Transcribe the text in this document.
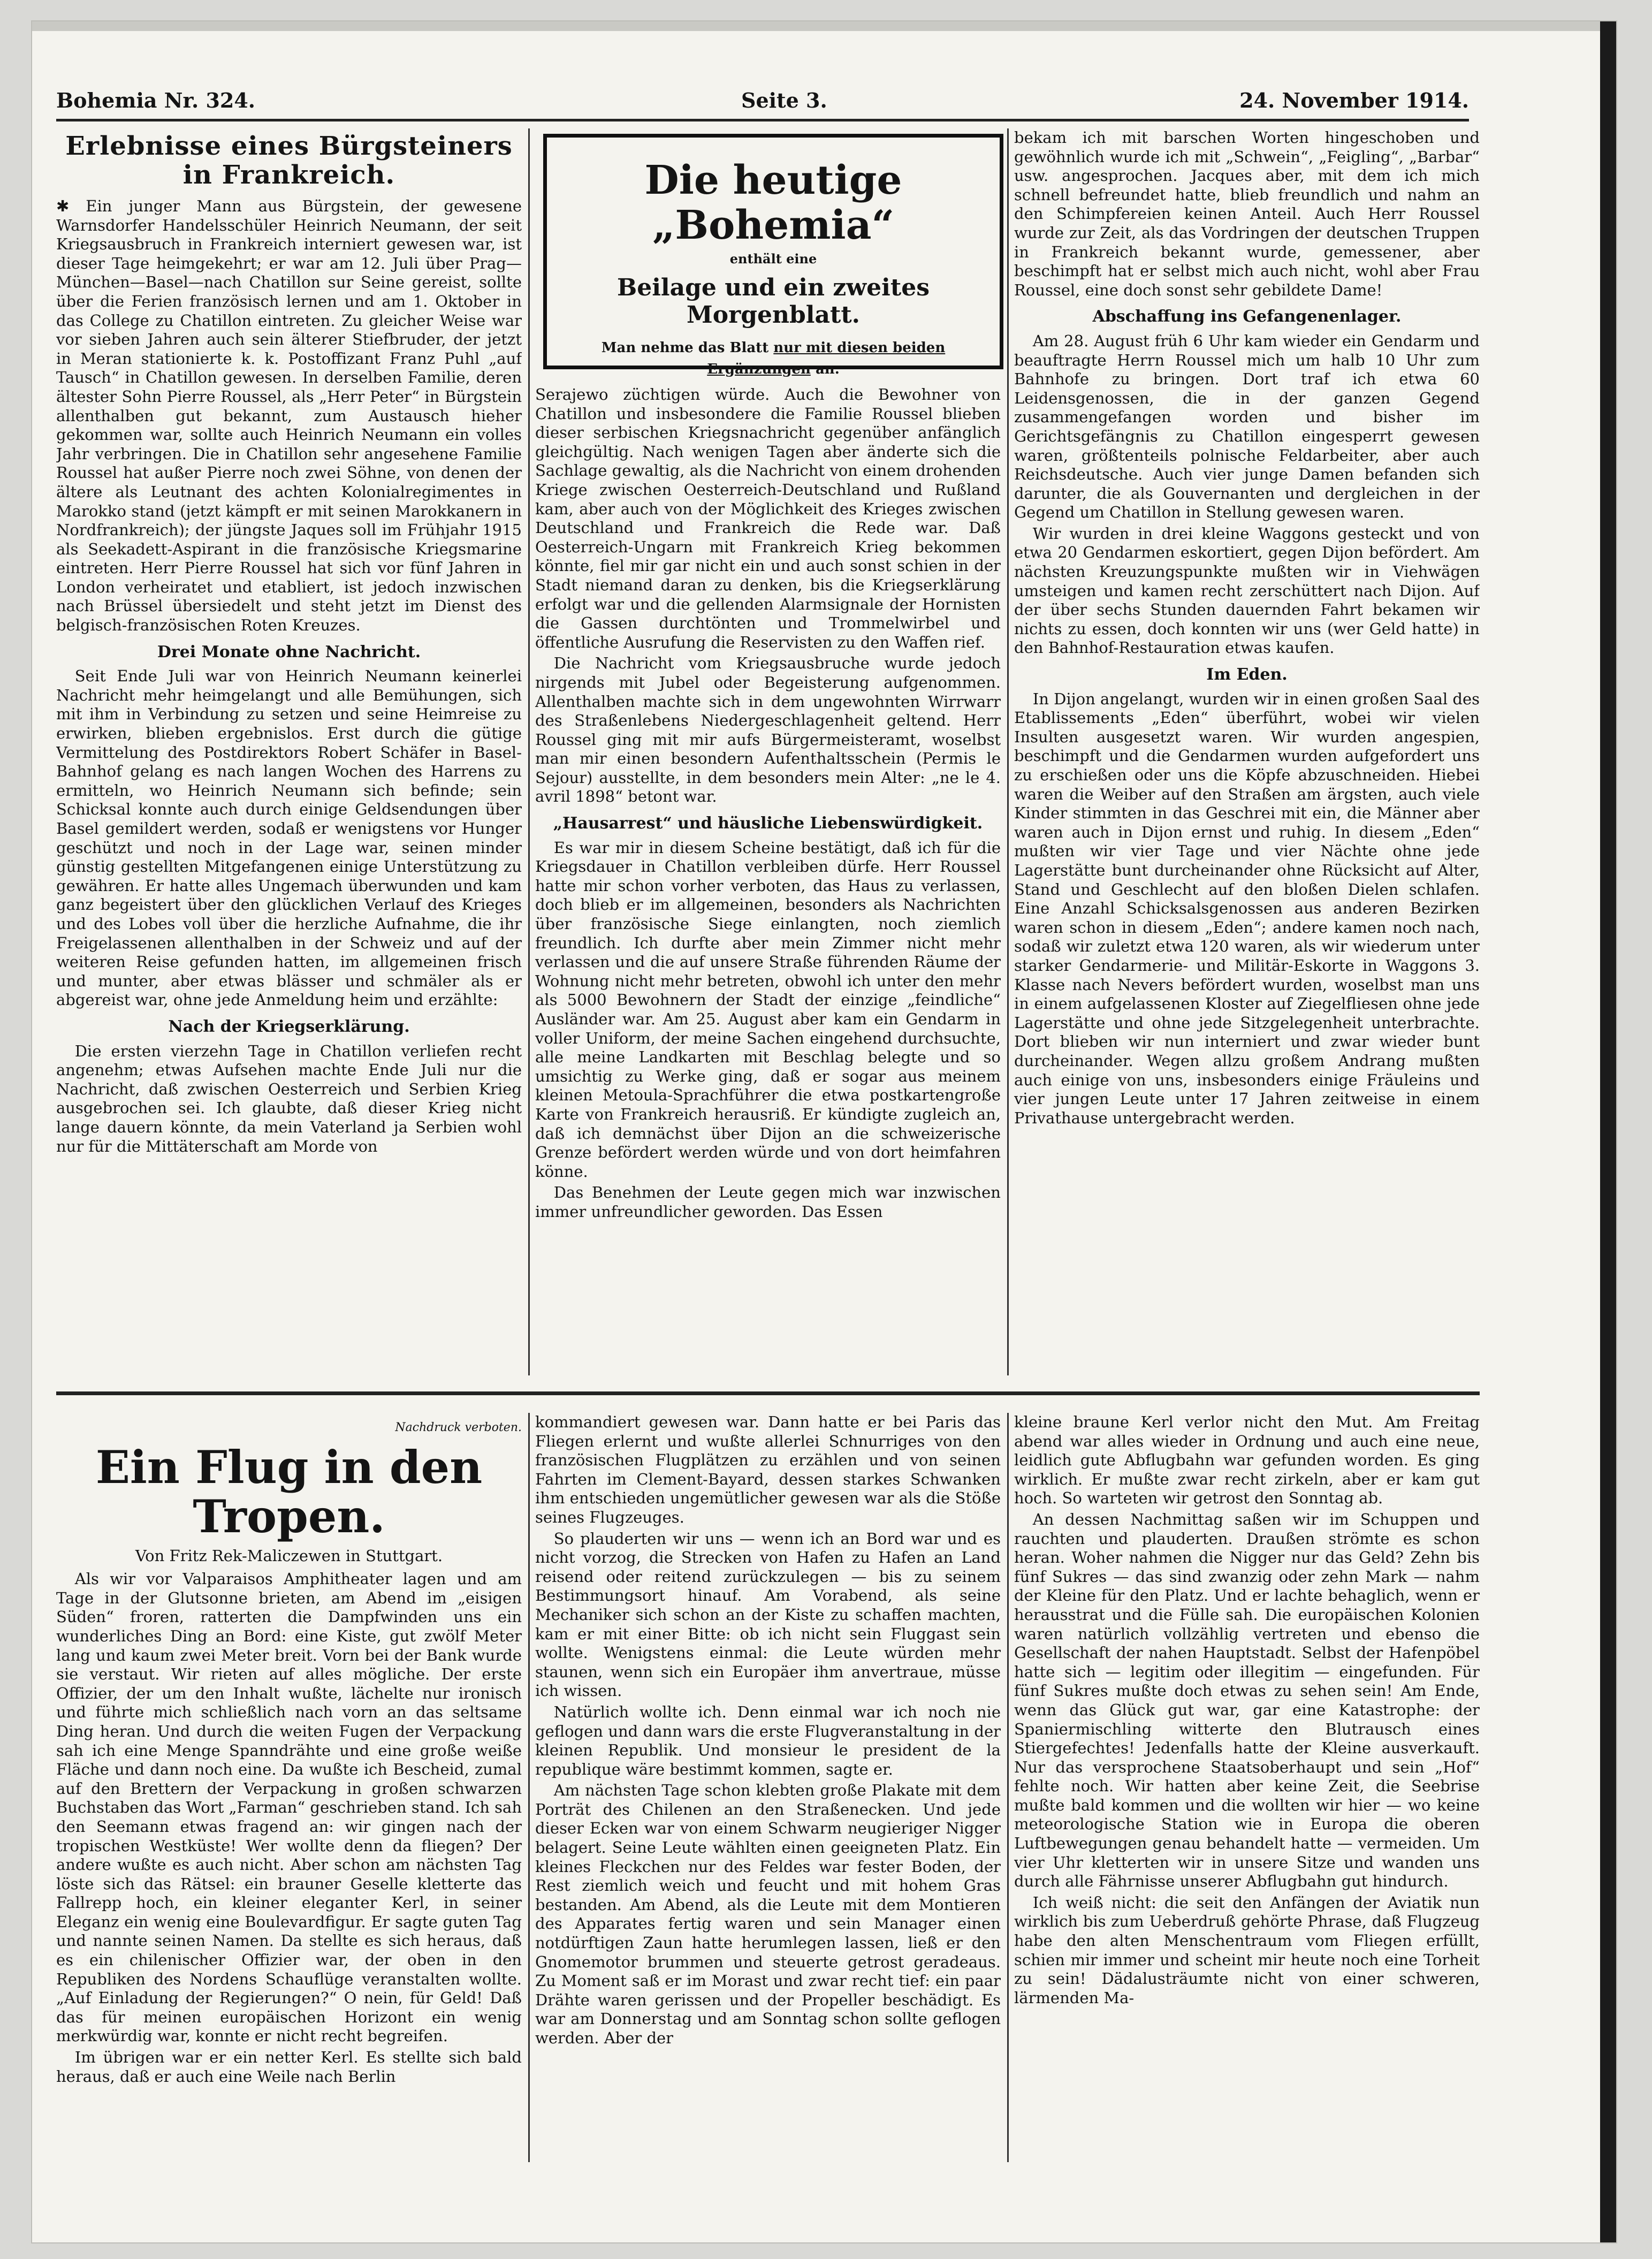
Bohemia Nr. 324.	Seite 3.	24. November 1914.
Die heutige „Bohemia“
enthält eine
Beilage und ein zweites Morgenblatt.
Man nehme das Blatt nur mit diesen beiden Ergänzungen an.
Erlebnisse eines Bürgsteiners in Frankreich.

✱ Ein junger Mann aus Bürgstein, der gewesene Warnsdorfer Handelsschüler Heinrich Neumann, der seit Kriegsausbruch in Frankreich interniert gewesen war, ist dieser Tage heimgekehrt; er war am 12. Juli über Prag—München—Basel—nach Chatillon sur Seine gereist, sollte über die Ferien französisch lernen und am 1. Oktober in das College zu Chatillon eintreten. Zu gleicher Weise war vor sieben Jahren auch sein älterer Stiefbruder, der jetzt in Meran stationierte k. k. Postoffizant Franz Puhl „auf Tausch“ in Chatillon gewesen. In derselben Familie, deren ältester Sohn Pierre Roussel, als „Herr Peter“ in Bürgstein allenthalben gut bekannt, zum Austausch hieher gekommen war, sollte auch Heinrich Neumann ein volles Jahr verbringen. Die in Chatillon sehr angesehene Familie Roussel hat außer Pierre noch zwei Söhne, von denen der ältere als Leutnant des achten Kolonialregimentes in Marokko stand (jetzt kämpft er mit seinen Marokkanern in Nordfrankreich); der jüngste Jaques soll im Frühjahr 1915 als Seekadett-Aspirant in die französische Kriegsmarine eintreten. Herr Pierre Roussel hat sich vor fünf Jahren in London verheiratet und etabliert, ist jedoch inzwischen nach Brüssel übersiedelt und steht jetzt im Dienst des belgisch-französischen Roten Kreuzes.

Drei Monate ohne Nachricht.

Seit Ende Juli war von Heinrich Neumann keinerlei Nachricht mehr heimgelangt und alle Bemühungen, sich mit ihm in Verbindung zu setzen und seine Heimreise zu erwirken, blieben ergebnislos. Erst durch die gütige Vermittelung des Postdirektors Robert Schäfer in Basel-Bahnhof gelang es nach langen Wochen des Harrens zu ermitteln, wo Heinrich Neumann sich befinde; sein Schicksal konnte auch durch einige Geldsendungen über Basel gemildert werden, sodaß er wenigstens vor Hunger geschützt und noch in der Lage war, seinen minder günstig gestellten Mitgefangenen einige Unterstützung zu gewähren. Er hatte alles Ungemach überwunden und kam ganz begeistert über den glücklichen Verlauf des Krieges und des Lobes voll über die herzliche Aufnahme, die ihr Freigelassenen allenthalben in der Schweiz und auf der weiteren Reise gefunden hatten, im allgemeinen frisch und munter, aber etwas blässer und schmäler als er abgereist war, ohne jede Anmeldung heim und erzählte:

Nach der Kriegserklärung.

Die ersten vierzehn Tage in Chatillon verliefen recht angenehm; etwas Aufsehen machte Ende Juli nur die Nachricht, daß zwischen Oesterreich und Serbien Krieg ausgebrochen sei. Ich glaubte, daß dieser Krieg nicht lange dauern könnte, da mein Vaterland ja Serbien wohl nur für die Mittäterschaft am Morde von

Serajewo züchtigen würde. Auch die Bewohner von Chatillon und insbesondere die Familie Roussel blieben dieser serbischen Kriegsnachricht gegenüber anfänglich gleichgültig. Nach wenigen Tagen aber änderte sich die Sachlage gewaltig, als die Nachricht von einem drohenden Kriege zwischen Oesterreich-Deutschland und Rußland kam, aber auch von der Möglichkeit des Krieges zwischen Deutschland und Frankreich die Rede war. Daß Oesterreich-Ungarn mit Frankreich Krieg bekommen könnte, fiel mir gar nicht ein und auch sonst schien in der Stadt niemand daran zu denken, bis die Kriegserklärung erfolgt war und die gellenden Alarmsignale der Hornisten die Gassen durchtönten und Trommelwirbel und öffentliche Ausrufung die Reservisten zu den Waffen rief.

Die Nachricht vom Kriegsausbruche wurde jedoch nirgends mit Jubel oder Begeisterung aufgenommen. Allenthalben machte sich in dem ungewohnten Wirrwarr des Straßenlebens Niedergeschlagenheit geltend. Herr Roussel ging mit mir aufs Bürgermeisteramt, woselbst man mir einen besondern Aufenthaltsschein (Permis le Sejour) ausstellte, in dem besonders mein Alter: „ne le 4. avril 1898“ betont war.

„Hausarrest“ und häusliche Liebenswürdigkeit.

Es war mir in diesem Scheine bestätigt, daß ich für die Kriegsdauer in Chatillon verbleiben dürfe. Herr Roussel hatte mir schon vorher verboten, das Haus zu verlassen, doch blieb er im allgemeinen, besonders als Nachrichten über französische Siege einlangten, noch ziemlich freundlich. Ich durfte aber mein Zimmer nicht mehr verlassen und die auf unsere Straße führenden Räume der Wohnung nicht mehr betreten, obwohl ich unter den mehr als 5000 Bewohnern der Stadt der einzige „feindliche“ Ausländer war. Am 25. August aber kam ein Gendarm in voller Uniform, der meine Sachen eingehend durchsuchte, alle meine Landkarten mit Beschlag belegte und so umsichtig zu Werke ging, daß er sogar aus meinem kleinen Metoula-Sprachführer die etwa postkartengroße Karte von Frankreich herausriß. Er kündigte zugleich an, daß ich demnächst über Dijon an die schweizerische Grenze befördert werden würde und von dort heimfahren könne.

Das Benehmen der Leute gegen mich war inzwischen immer unfreundlicher geworden. Das Essen

bekam ich mit barschen Worten hingeschoben und gewöhnlich wurde ich mit „Schwein“, „Feigling“, „Barbar“ usw. angesprochen. Jacques aber, mit dem ich mich schnell befreundet hatte, blieb freundlich und nahm an den Schimpfereien keinen Anteil. Auch Herr Roussel wurde zur Zeit, als das Vordringen der deutschen Truppen in Frankreich bekannt wurde, gemessener, aber beschimpft hat er selbst mich auch nicht, wohl aber Frau Roussel, eine doch sonst sehr gebildete Dame!

Abschaffung ins Gefangenenlager.

Am 28. August früh 6 Uhr kam wieder ein Gendarm und beauftragte Herrn Roussel mich um halb 10 Uhr zum Bahnhofe zu bringen. Dort traf ich etwa 60 Leidensgenossen, die in der ganzen Gegend zusammengefangen worden und bisher im Gerichtsgefängnis zu Chatillon eingesperrt gewesen waren, größtenteils polnische Feldarbeiter, aber auch Reichsdeutsche. Auch vier junge Damen befanden sich darunter, die als Gouvernanten und dergleichen in der Gegend um Chatillon in Stellung gewesen waren.

Wir wurden in drei kleine Waggons gesteckt und von etwa 20 Gendarmen eskortiert, gegen Dijon befördert. Am nächsten Kreuzungspunkte mußten wir in Viehwägen umsteigen und kamen recht zerschüttert nach Dijon. Auf der über sechs Stunden dauernden Fahrt bekamen wir nichts zu essen, doch konnten wir uns (wer Geld hatte) in den Bahnhof-Restauration etwas kaufen.

Im Eden.

In Dijon angelangt, wurden wir in einen großen Saal des Etablissements „Eden“ überführt, wobei wir vielen Insulten ausgesetzt waren. Wir wurden angespien, beschimpft und die Gendarmen wurden aufgefordert uns zu erschießen oder uns die Köpfe abzuschneiden. Hiebei waren die Weiber auf den Straßen am ärgsten, auch viele Kinder stimmten in das Geschrei mit ein, die Männer aber waren auch in Dijon ernst und ruhig. In diesem „Eden“ mußten wir vier Tage und vier Nächte ohne jede Lagerstätte bunt durcheinander ohne Rücksicht auf Alter, Stand und Geschlecht auf den bloßen Dielen schlafen. Eine Anzahl Schicksalsgenossen aus anderen Bezirken waren schon in diesem „Eden“; andere kamen noch nach, sodaß wir zuletzt etwa 120 waren, als wir wiederum unter starker Gendarmerie- und Militär-Eskorte in Waggons 3. Klasse nach Nevers befördert wurden, woselbst man uns in einem aufgelassenen Kloster auf Ziegelfliesen ohne jede Lagerstätte und ohne jede Sitzgelegenheit unterbrachte. Dort blieben wir nun interniert und zwar wieder bunt durcheinander. Wegen allzu großem Andrang mußten auch einige von uns, insbesonders einige Fräuleins und vier jungen Leute unter 17 Jahren zeitweise in einem Privathause untergebracht werden.

Nachdruck verboten.
Ein Flug in den Tropen.
Von Fritz Rek-Maliczewen in Stuttgart.

Als wir vor Valparaisos Amphitheater lagen und am Tage in der Glutsonne brieten, am Abend im „eisigen Süden“ froren, ratterten die Dampfwinden uns ein wunderliches Ding an Bord: eine Kiste, gut zwölf Meter lang und kaum zwei Meter breit. Vorn bei der Bank wurde sie verstaut. Wir rieten auf alles mögliche. Der erste Offizier, der um den Inhalt wußte, lächelte nur ironisch und führte mich schließlich nach vorn an das seltsame Ding heran. Und durch die weiten Fugen der Verpackung sah ich eine Menge Spanndrähte und eine große weiße Fläche und dann noch eine. Da wußte ich Bescheid, zumal auf den Brettern der Verpackung in großen schwarzen Buchstaben das Wort „Farman“ geschrieben stand. Ich sah den Seemann etwas fragend an: wir gingen nach der tropischen Westküste! Wer wollte denn da fliegen? Der andere wußte es auch nicht. Aber schon am nächsten Tag löste sich das Rätsel: ein brauner Geselle kletterte das Fallrepp hoch, ein kleiner eleganter Kerl, in seiner Eleganz ein wenig eine Boulevardfigur. Er sagte guten Tag und nannte seinen Namen. Da stellte es sich heraus, daß es ein chilenischer Offizier war, der oben in den Republiken des Nordens Schauflüge veranstalten wollte. „Auf Einladung der Regierungen?“ O nein, für Geld! Daß das für meinen europäischen Horizont ein wenig merkwürdig war, konnte er nicht recht begreifen.

Im übrigen war er ein netter Kerl. Es stellte sich bald heraus, daß er auch eine Weile nach Berlin

kommandiert gewesen war. Dann hatte er bei Paris das Fliegen erlernt und wußte allerlei Schnurriges von den französischen Flugplätzen zu erzählen und von seinen Fahrten im Clement-Bayard, dessen starkes Schwanken ihm entschieden ungemütlicher gewesen war als die Stöße seines Flugzeuges.

So plauderten wir uns — wenn ich an Bord war und es nicht vorzog, die Strecken von Hafen zu Hafen an Land reisend oder reitend zurückzulegen — bis zu seinem Bestimmungsort hinauf. Am Vorabend, als seine Mechaniker sich schon an der Kiste zu schaffen machten, kam er mit einer Bitte: ob ich nicht sein Fluggast sein wollte. Wenigstens einmal: die Leute würden mehr staunen, wenn sich ein Europäer ihm anvertraue, müsse ich wissen.

Natürlich wollte ich. Denn einmal war ich noch nie geflogen und dann wars die erste Flugveranstaltung in der kleinen Republik. Und monsieur le president de la republique wäre bestimmt kommen, sagte er.

Am nächsten Tage schon klebten große Plakate mit dem Porträt des Chilenen an den Straßenecken. Und jede dieser Ecken war von einem Schwarm neugieriger Nigger belagert. Seine Leute wählten einen geeigneten Platz. Ein kleines Fleckchen nur des Feldes war fester Boden, der Rest ziemlich weich und feucht und mit hohem Gras bestanden. Am Abend, als die Leute mit dem Montieren des Apparates fertig waren und sein Manager einen notdürftigen Zaun hatte herumlegen lassen, ließ er den Gnomemotor brummen und steuerte getrost geradeaus. Zu Moment saß er im Morast und zwar recht tief: ein paar Drähte waren gerissen und der Propeller beschädigt. Es war am Donnerstag und am Sonntag schon sollte geflogen werden. Aber der

kleine braune Kerl verlor nicht den Mut. Am Freitag abend war alles wieder in Ordnung und auch eine neue, leidlich gute Abflugbahn war gefunden worden. Es ging wirklich. Er mußte zwar recht zirkeln, aber er kam gut hoch. So warteten wir getrost den Sonntag ab.

An dessen Nachmittag saßen wir im Schuppen und rauchten und plauderten. Draußen strömte es schon heran. Woher nahmen die Nigger nur das Geld? Zehn bis fünf Sukres — das sind zwanzig oder zehn Mark — nahm der Kleine für den Platz. Und er lachte behaglich, wenn er herausstrat und die Fülle sah. Die europäischen Kolonien waren natürlich vollzählig vertreten und ebenso die Gesellschaft der nahen Hauptstadt. Selbst der Hafenpöbel hatte sich — legitim oder illegitim — eingefunden. Für fünf Sukres mußte doch etwas zu sehen sein! Am Ende, wenn das Glück gut war, gar eine Katastrophe: der Spaniermischling witterte den Blutrausch eines Stiergefechtes! Jedenfalls hatte der Kleine ausverkauft. Nur das versprochene Staatsoberhaupt und sein „Hof“ fehlte noch. Wir hatten aber keine Zeit, die Seebrise mußte bald kommen und die wollten wir hier — wo keine meteorologische Station wie in Europa die oberen Luftbewegungen genau behandelt hatte — vermeiden. Um vier Uhr kletterten wir in unsere Sitze und wanden uns durch alle Fährnisse unserer Abflugbahn gut hindurch.

Ich weiß nicht: die seit den Anfängen der Aviatik nun wirklich bis zum Ueberdruß gehörte Phrase, daß Flugzeug habe den alten Menschentraum vom Fliegen erfüllt, schien mir immer und scheint mir heute noch eine Torheit zu sein! Dädalusträumte nicht von einer schweren, lärmenden Ma-
